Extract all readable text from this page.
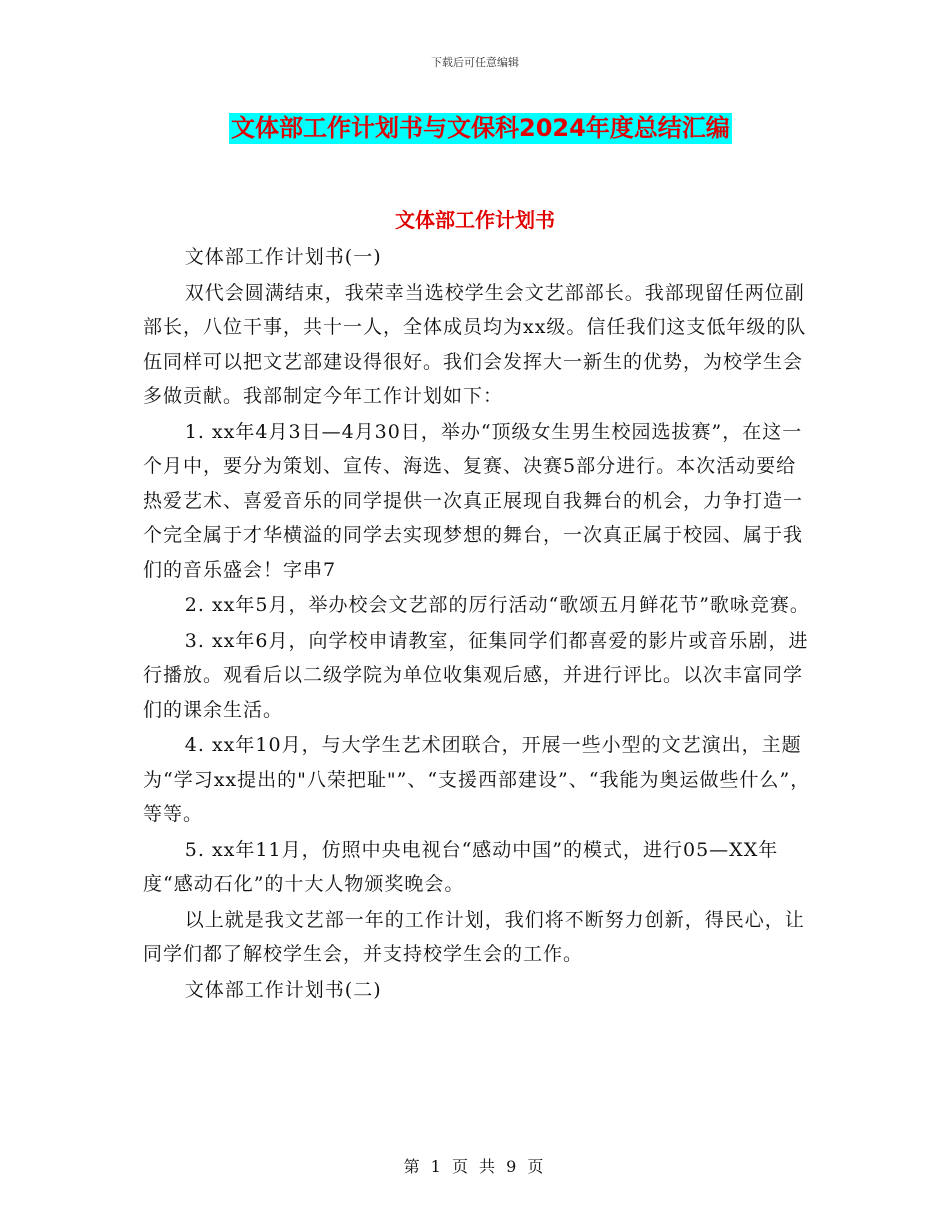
下载后可任意编辑
文体部工作计划书与文保科2024年度总结汇编
文体部工作计划书

文体部工作计划书(一)

双代会圆满结束，我荣幸当选校学生会文艺部部长。我部现留任两位副部长，八位干事，共十一人，全体成员均为xx级。信任我们这支低年级的队伍同样可以把文艺部建设得很好。我们会发挥大一新生的优势，为校学生会多做贡献。我部制定今年工作计划如下：

1. xx年4月3日—4月30日，举办“顶级女生男生校园选拔赛”，在这一个月中，要分为策划、宣传、海选、复赛、决赛5部分进行。本次活动要给热爱艺术、喜爱音乐的同学提供一次真正展现自我舞台的机会，力争打造一个完全属于才华横溢的同学去实现梦想的舞台，一次真正属于校园、属于我们的音乐盛会！字串7

2. xx年5月，举办校会文艺部的厉行活动“歌颂五月鲜花节”歌咏竞赛。

3. xx年6月，向学校申请教室，征集同学们都喜爱的影片或音乐剧，进行播放。观看后以二级学院为单位收集观后感，并进行评比。以次丰富同学们的课余生活。

4. xx年10月，与大学生艺术团联合，开展一些小型的文艺演出，主题为“学习xx提出的"八荣把耻"”、“支援西部建设”、“我能为奥运做些什么”，等等。

5. xx年11月，仿照中央电视台“感动中国”的模式，进行05—XX年度“感动石化”的十大人物颁奖晚会。

以上就是我文艺部一年的工作计划，我们将不断努力创新，得民心，让同学们都了解校学生会，并支持校学生会的工作。

文体部工作计划书(二)

第 1 页 共 9 页
